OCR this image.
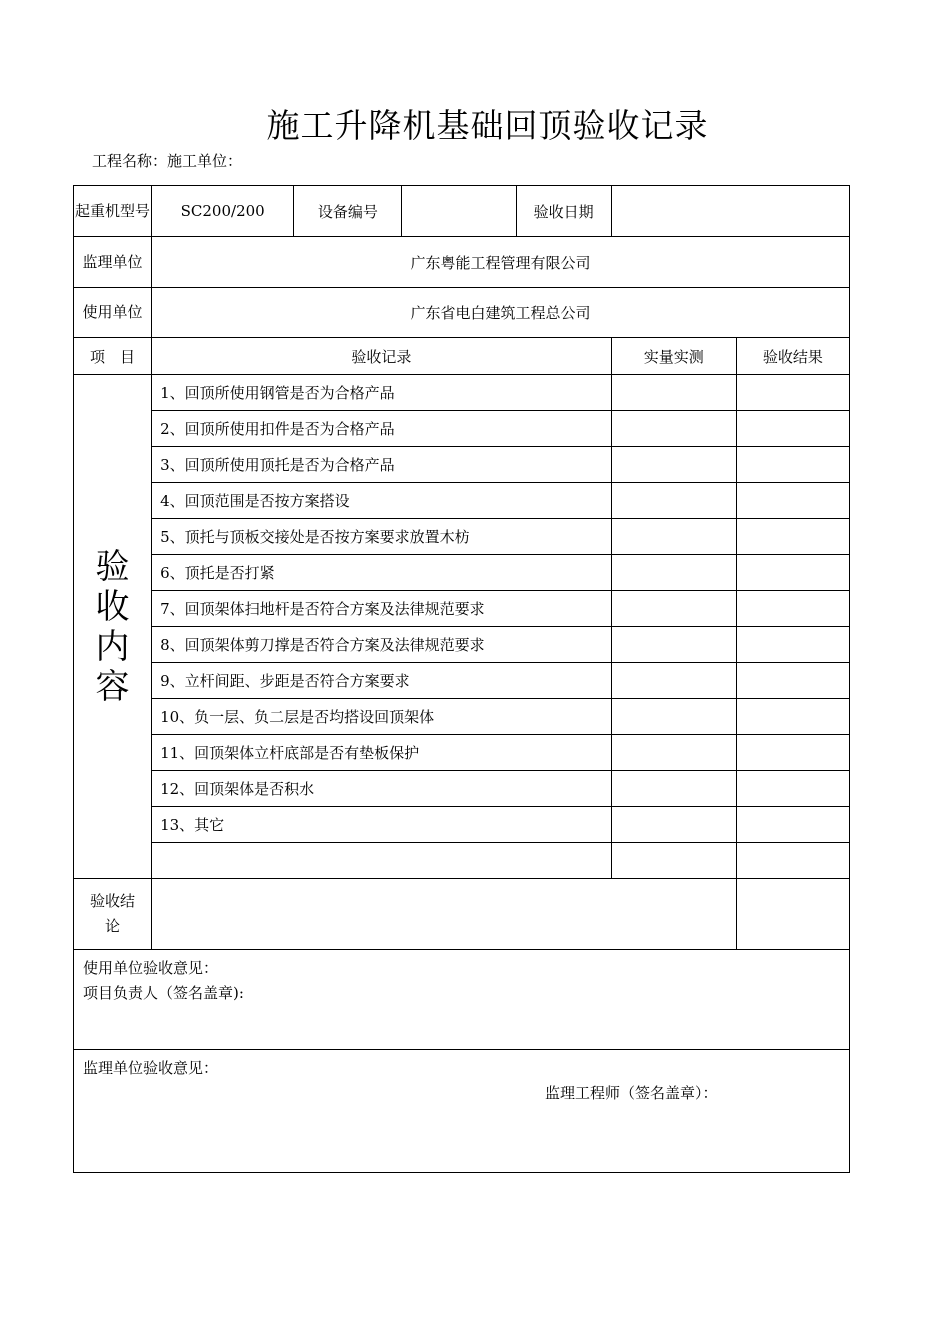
施工升降机基础回顶验收记录
工程名称：施工单位：
起重机型号	SC200/200	设备编号		验收日期		
监理单位	广东粤能工程管理有限公司					
使用单位	广东省电白建筑工程总公司					
项　目	验收记录				实量实测	验收结果

验
收
内
容	1、回顶所使用钢管是否为合格产品					
	2、回顶所使用扣件是否为合格产品					
	3、回顶所使用顶托是否为合格产品					
	4、回顶范围是否按方案搭设					
	5、顶托与顶板交接处是否按方案要求放置木枋					
	6、顶托是否打紧					
	7、回顶架体扫地杆是否符合方案及法律规范要求					
	8、回顶架体剪刀撑是否符合方案及法律规范要求					
	9、立杆间距、步距是否符合方案要求					
	10、负一层、负二层是否均搭设回顶架体					
	11、回顶架体立杆底部是否有垫板保护					
	12、回顶架体是否积水					
	13、其它					

验收结论						

使用单位验收意见：
项目负责人（签名盖章):						

监理单位验收意见：
监理工程师（签名盖章）：						
